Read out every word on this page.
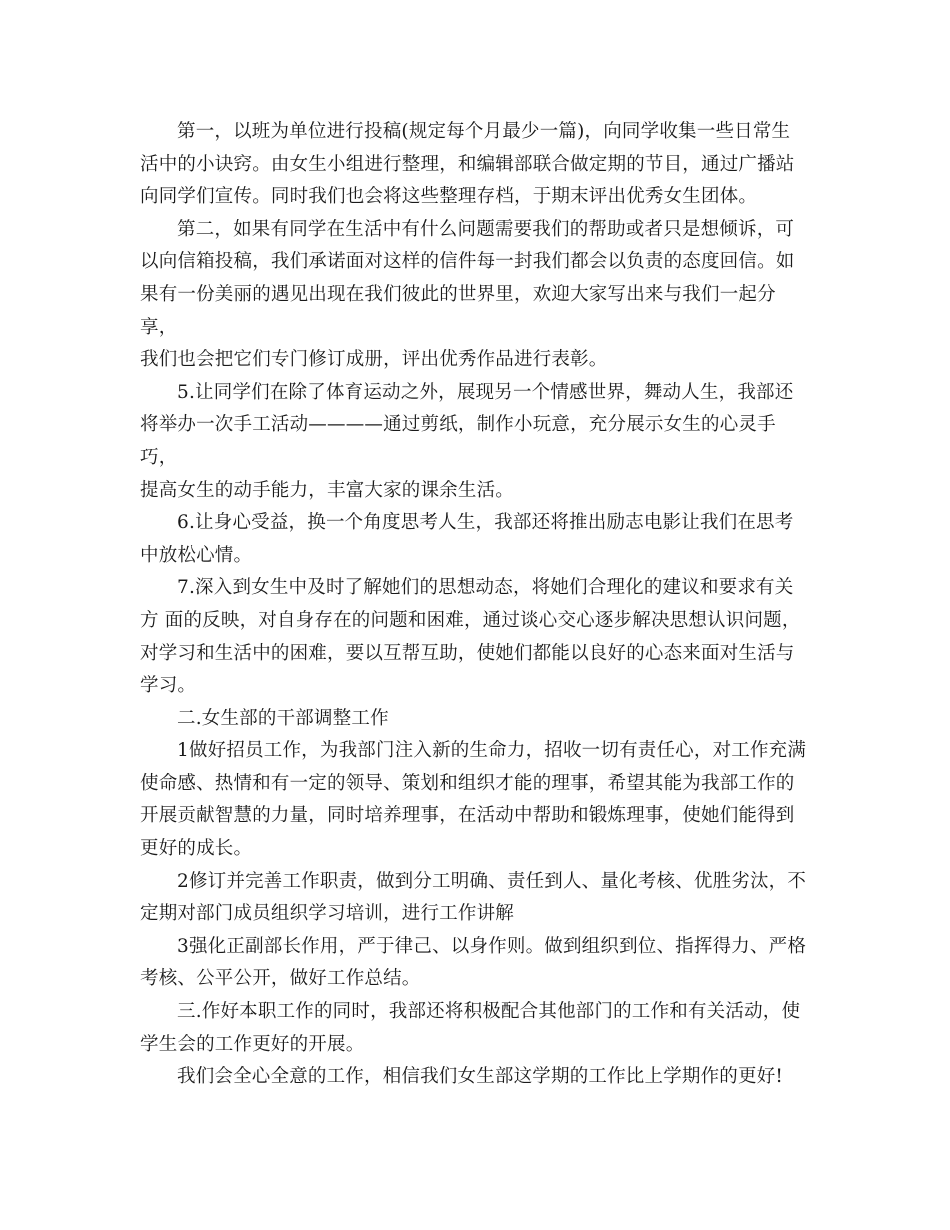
第一，以班为单位进行投稿(规定每个月最少一篇)，向同学收集一些日常生
活中的小诀窍。由女生小组进行整理，和编辑部联合做定期的节目，通过广播站
向同学们宣传。同时我们也会将这些整理存档，于期末评出优秀女生团体。
第二，如果有同学在生活中有什么问题需要我们的帮助或者只是想倾诉，可
以向信箱投稿，我们承诺面对这样的信件每一封我们都会以负责的态度回信。如
果有一份美丽的遇见出现在我们彼此的世界里，欢迎大家写出来与我们一起分享，
我们也会把它们专门修订成册，评出优秀作品进行表彰。
5.让同学们在除了体育运动之外，展现另一个情感世界，舞动人生，我部还
将举办一次手工活动————通过剪纸，制作小玩意，充分展示女生的心灵手巧，
提高女生的动手能力，丰富大家的课余生活。
6.让身心受益，换一个角度思考人生，我部还将推出励志电影让我们在思考
中放松心情。
7.深入到女生中及时了解她们的思想动态，将她们合理化的建议和要求有关
方 面的反映，对自身存在的问题和困难，通过谈心交心逐步解决思想认识问题，
对学习和生活中的困难，要以互帮互助，使她们都能以良好的心态来面对生活与
学习。
二.女生部的干部调整工作
1做好招员工作，为我部门注入新的生命力，招收一切有责任心，对工作充满
使命感、热情和有一定的领导、策划和组织才能的理事，希望其能为我部工作的
开展贡献智慧的力量，同时培养理事，在活动中帮助和锻炼理事，使她们能得到
更好的成长。
2修订并完善工作职责，做到分工明确、责任到人、量化考核、优胜劣汰，不
定期对部门成员组织学习培训，进行工作讲解
3强化正副部长作用，严于律己、以身作则。做到组织到位、指挥得力、严格
考核、公平公开，做好工作总结。
三.作好本职工作的同时，我部还将积极配合其他部门的工作和有关活动，使
学生会的工作更好的开展。
我们会全心全意的工作，相信我们女生部这学期的工作比上学期作的更好!
